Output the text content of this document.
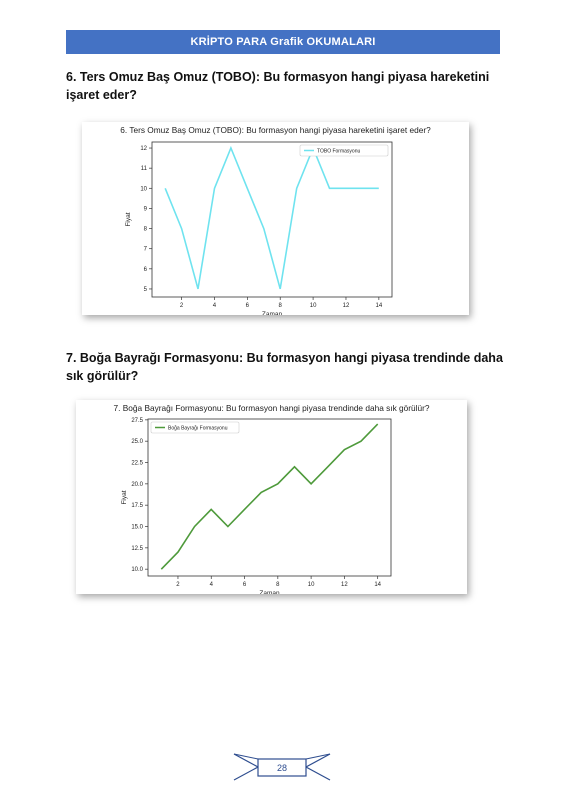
KRİPTO PARA Grafik OKUMALARI
6. Ters Omuz Baş Omuz (TOBO): Bu formasyon hangi piyasa hareketini işaret eder?
6. Ters Omuz Baş Omuz (TOBO): Bu formasyon hangi piyasa hareketini işaret eder?
2	4	6	8	10	12	14
5
6
7
8
9
10
11
12
Zaman
Fiyat
TOBO Formasyonu
7. Boğa Bayrağı Formasyonu: Bu formasyon hangi piyasa trendinde daha sık görülür?
7. Boğa Bayrağı Formasyonu: Bu formasyon hangi piyasa trendinde daha sık görülür?
2	4	6	8	10	12	14
10.0
12.5
15.0
17.5
20.0
22.5
25.0
27.5
Zaman
Fiyat
Boğa Bayrağı Formasyonu
28
